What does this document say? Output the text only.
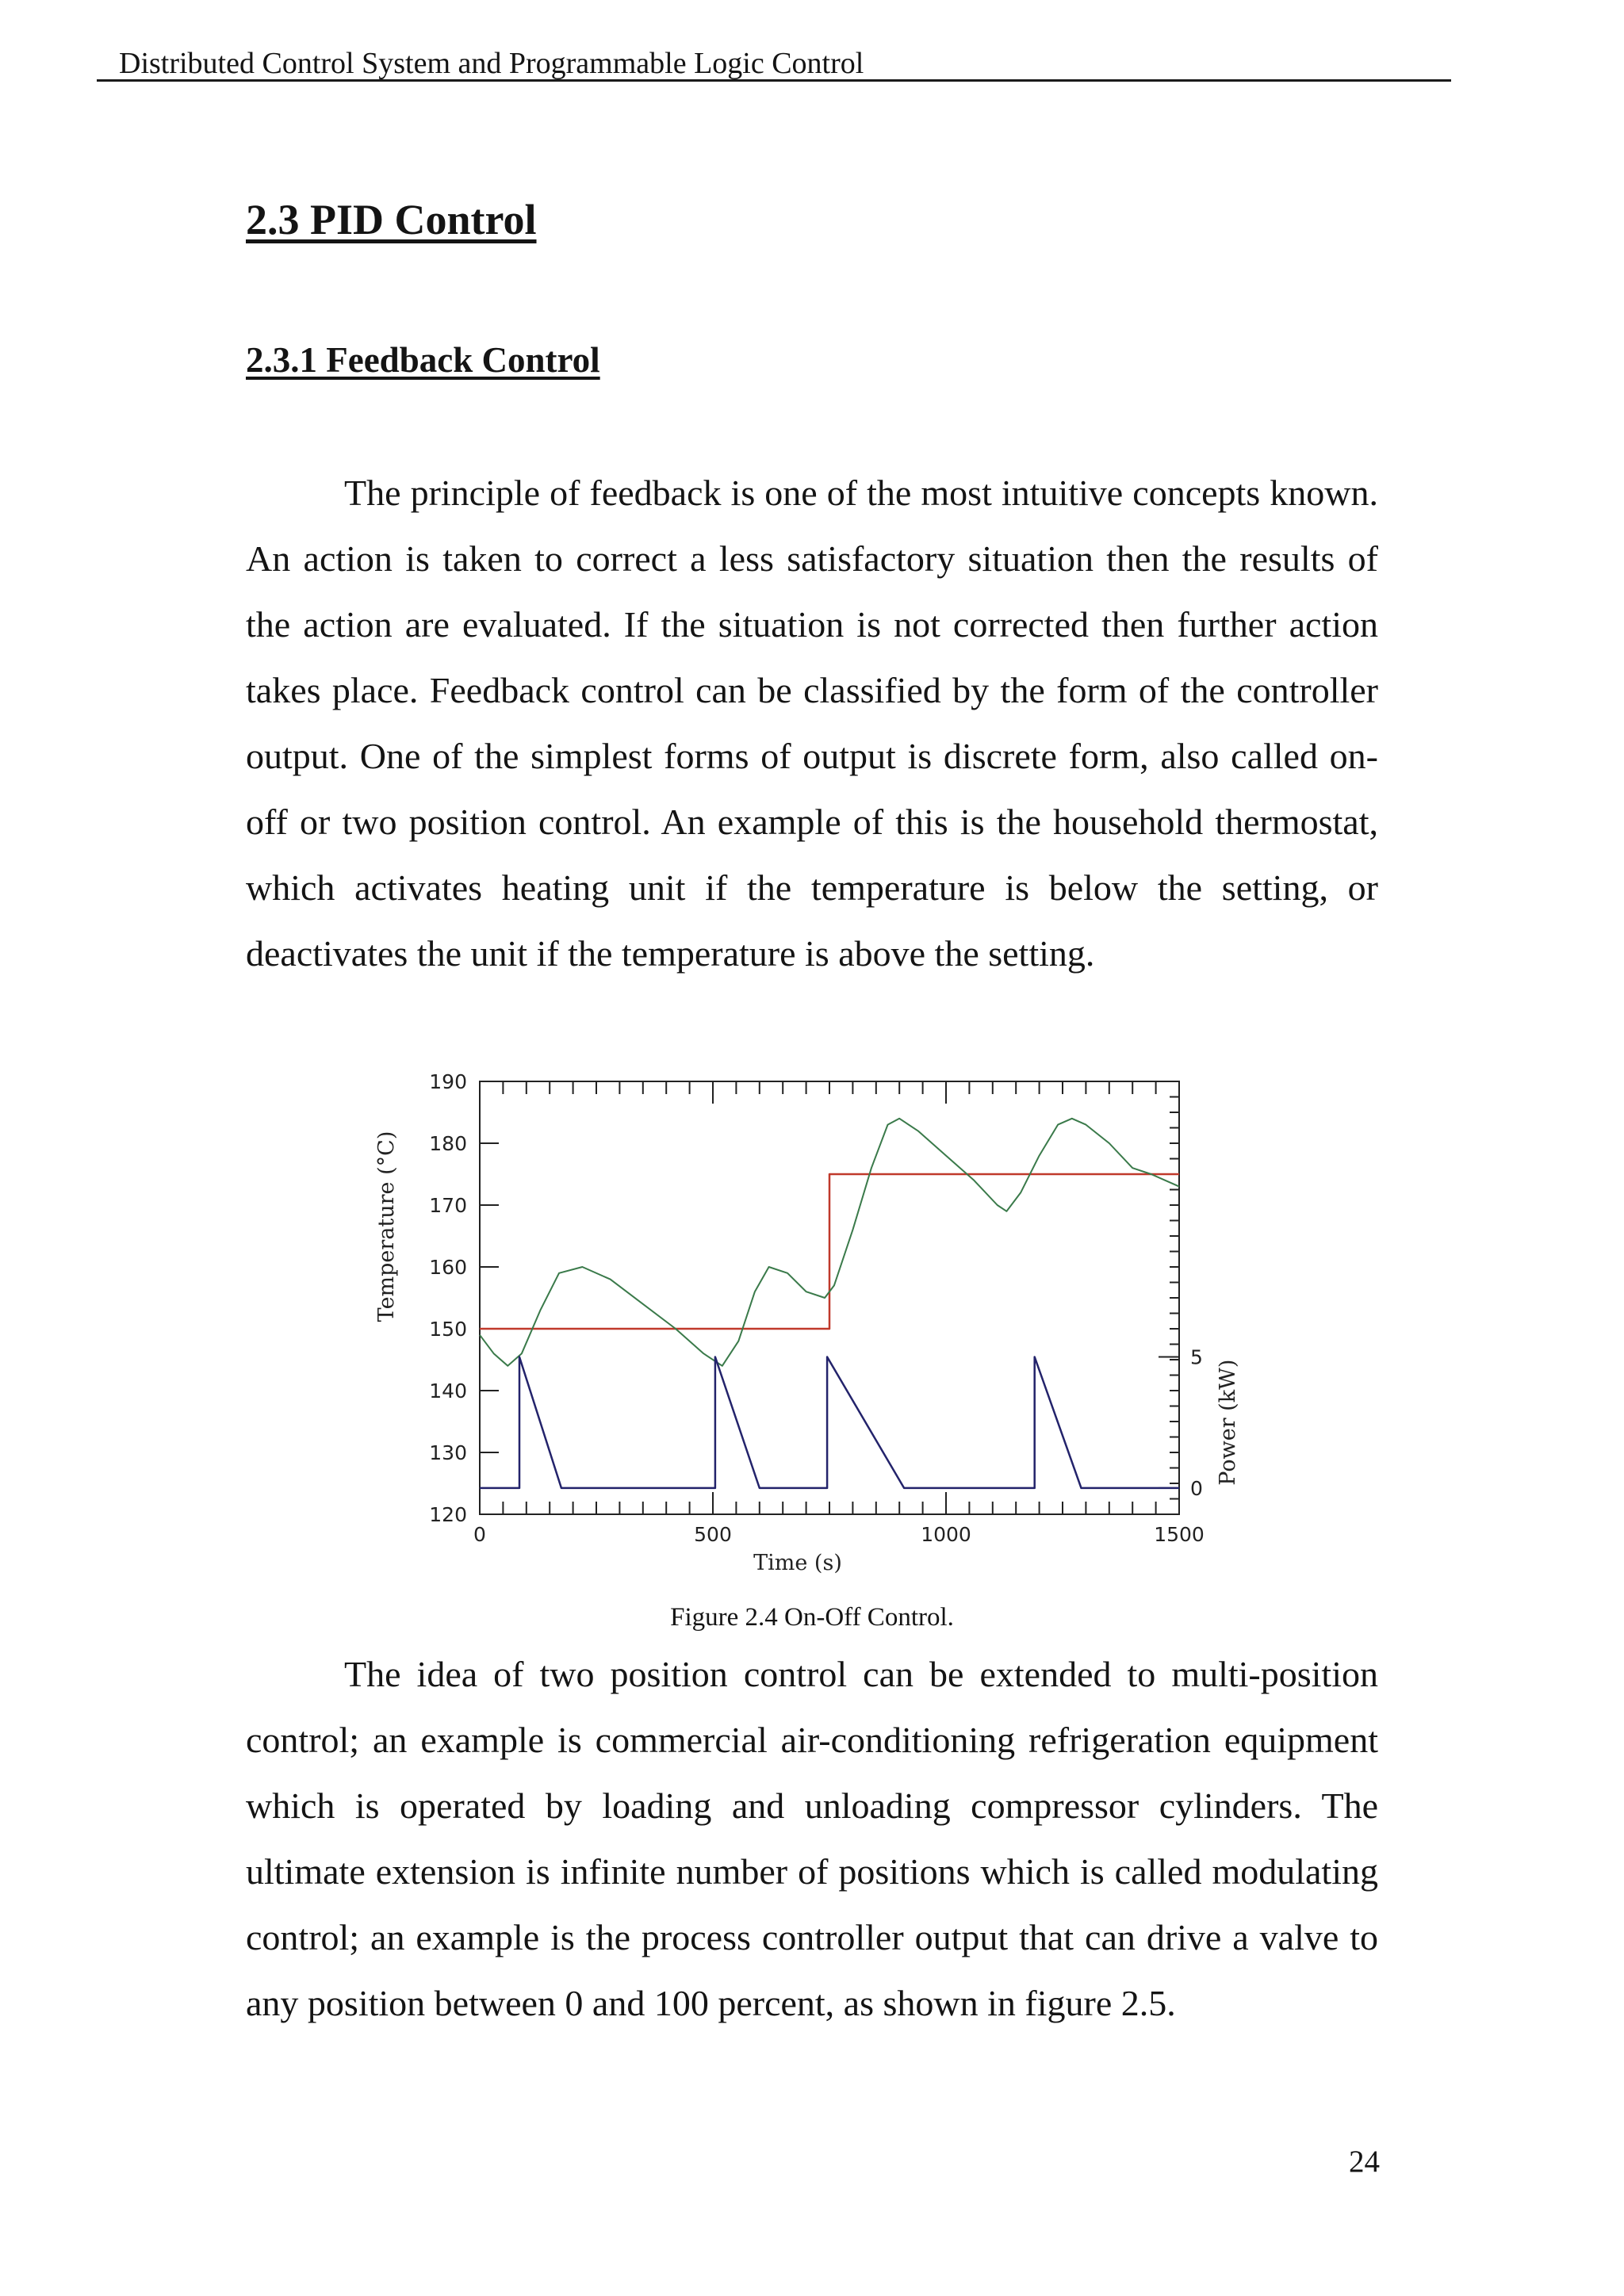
Distributed Control System and Programmable Logic Control
2.3 PID Control
2.3.1 Feedback Control

The principle of feedback is one of the most intuitive concepts known. An action is taken to correct a less satisfactory situation then the results of the action are evaluated. If the situation is not corrected then further action takes place. Feedback control can be classified by the form of the controller output. One of the simplest forms of output is discrete form, also called on-off or two position control. An example of this is the household thermostat, which activates heating unit if the temperature is below the setting, or deactivates the unit if the temperature is above the setting.

0	500	1000	1500
120
130
140
150
160
170
180
190
0
5
Time (s)
Temperature (°C)
Power (kW)

Figure 2.4 On-Off Control.

The idea of two position control can be extended to multi-position control; an example is commercial air-conditioning refrigeration equipment which is operated by loading and unloading compressor cylinders. The ultimate extension is infinite number of positions which is called modulating control; an example is the process controller output that can drive a valve to any position between 0 and 100 percent, as shown in figure 2.5.

24
